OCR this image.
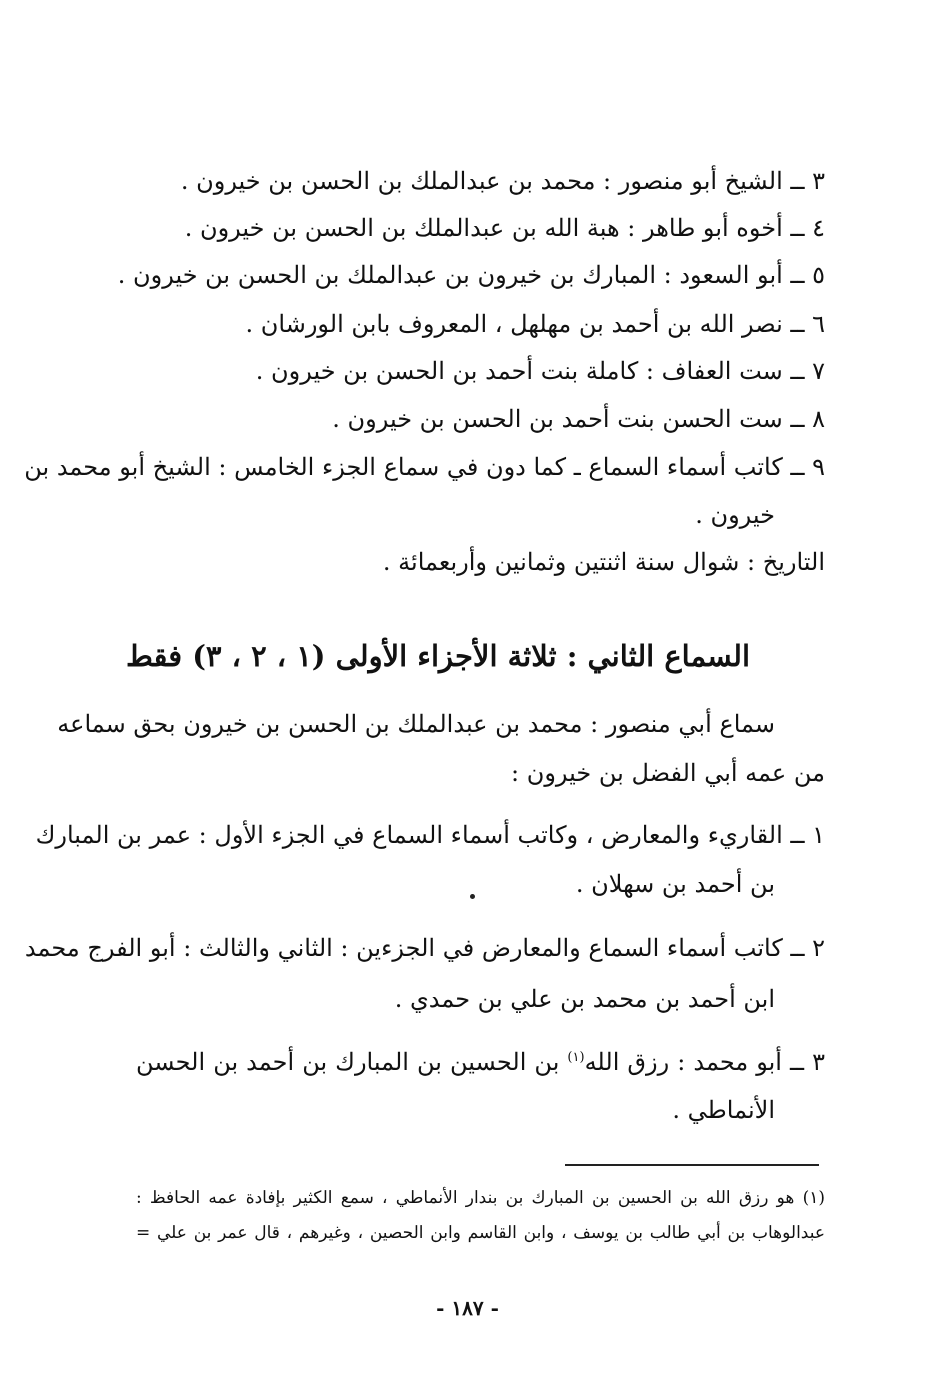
٣ ــ الشيخ أبو منصور : محمد بن عبدالملك بن الحسن بن خيرون .
٤ ــ أخوه أبو طاهر : هبة الله بن عبدالملك بن الحسن بن خيرون .
٥ ــ أبو السعود : المبارك بن خيرون بن عبدالملك بن الحسن بن خيرون .
٦ ــ نصر الله بن أحمد بن مهلهل ، المعروف بابن الورشان .
٧ ــ ست العفاف : كاملة بنت أحمد بن الحسن بن خيرون .
٨ ــ ست الحسن بنت أحمد بن الحسن بن خيرون .
٩ ــ كاتب أسماء السماع ـ كما دون في سماع الجزء الخامس : الشيخ أبو محمد بن
خيرون .
التاريخ : شوال سنة اثنتين وثمانين وأربعمائة .
السماع الثاني : ثلاثة الأجزاء الأولى (١ ، ٢ ، ٣) فقط
سماع أبي منصور : محمد بن عبدالملك بن الحسن بن خيرون بحق سماعه
من عمه أبي الفضل بن خيرون :
١ ــ القاريء والمعارض ، وكاتب أسماء السماع في الجزء الأول : عمر بن المبارك
بن أحمد بن سهلان .
٢ ــ كاتب أسماء السماع والمعارض في الجزءين : الثاني والثالث : أبو الفرج محمد
ابن أحمد بن محمد بن علي بن حمدي .
٣ ــ أبو محمد : رزق الله$^{(١)}$ بن الحسين بن المبارك بن أحمد بن الحسن
الأنماطي .
(١) هو رزق الله بن الحسين بن المبارك بن بندار الأنماطي ، سمع الكثير بإفادة عمه الحافظ :
عبدالوهاب بن أبي طالب بن يوسف ، وابن القاسم وابن الحصين ، وغيرهم ، قال عمر بن علي =
- ١٨٧ -
